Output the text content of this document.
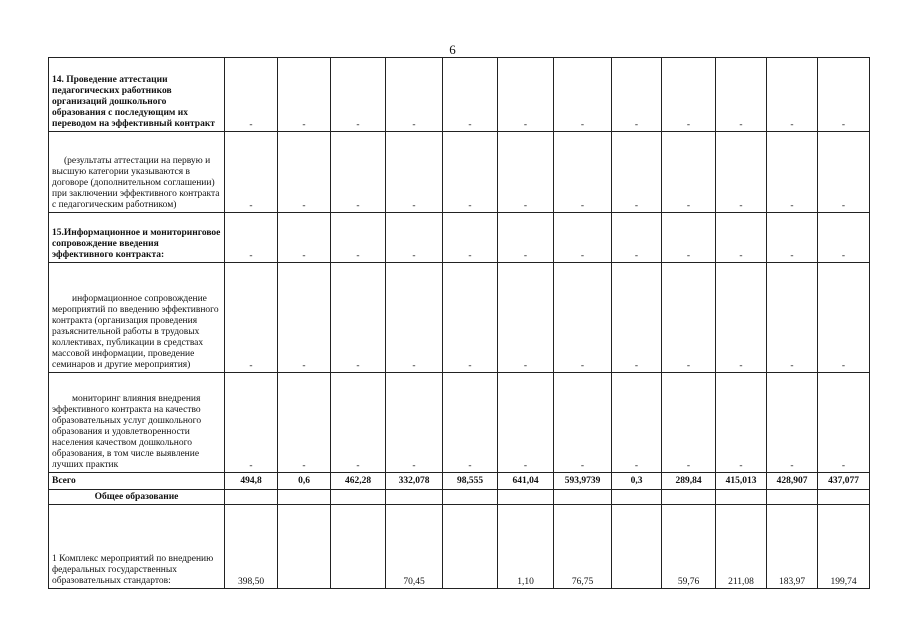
6
14. Проведение аттестации педагогических работников организаций дошкольного образования с последующим их переводом на эффективный контракт	-	-	-	-	-	-	-	-	-	-	-	-
(результаты аттестации на первую и высшую категории указываются в договоре (дополнительном соглашении) при заключении эффективного контракта с педагогическим работником)	-	-	-	-	-	-	-	-	-	-	-	-
15.Информационное и мониторинговое сопровождение введения эффективного контракта:	-	-	-	-	-	-	-	-	-	-	-	-
информационное сопровождение мероприятий по введению эффективного контракта (организация проведения разъяснительной работы в трудовых коллективах, публикации в средствах массовой информации, проведение семинаров и другие мероприятия)	-	-	-	-	-	-	-	-	-	-	-	-
мониторинг влияния внедрения эффективного контракта на качество образовательных услуг дошкольного образования и удовлетворенности населения качеством дошкольного образования, в том числе выявление лучших практик	-	-	-	-	-	-	-	-	-	-	-	-
Всего	494,8	0,6	462,28	332,078	98,555	641,04	593,9739	0,3	289,84	415,013	428,907	437,077
Общее образование												
1 Комплекс мероприятий по внедрению федеральных государственных образовательных стандартов:	398,50			70,45		1,10	76,75		59,76	211,08	183,97	199,74
